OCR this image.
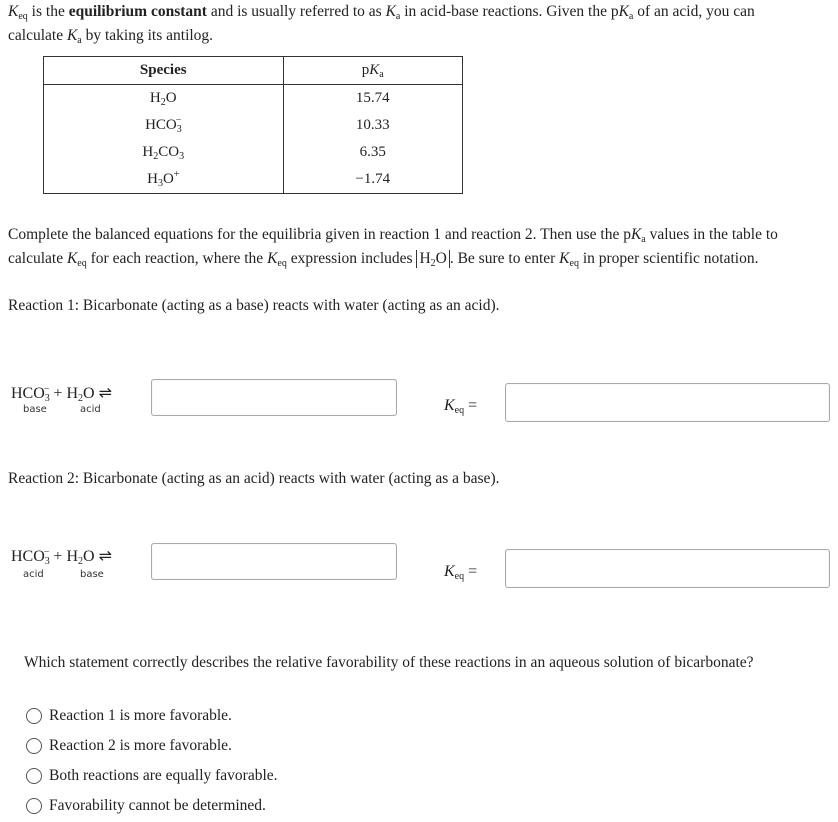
$K_{eq}$ is the equilibrium constant and is usually referred to as $K_a$ in acid-base reactions. Given the $pK_a$ of an acid, you can
calculate $K_a$ by taking its antilog.
Species	$pK_a$
$H_2O$	15.74
$HCO_3^-$	10.33
$H_2CO_3$	6.35
$H_3O^+$	−1.74
Complete the balanced equations for the equilibria given in reaction 1 and reaction 2. Then use the $pK_a$ values in the table to
calculate $K_{eq}$ for each reaction, where the $K_{eq}$ expression includes $H_2O$ . Be sure to enter $K_{eq}$ in proper scientific notation.
Reaction 1: Bicarbonate (acting as a base) reacts with water (acting as an acid).
$HCO_3^- + H_2O$ ⇌
base	acid	$K_{eq}$ =
Reaction 2: Bicarbonate (acting as an acid) reacts with water (acting as a base).
$HCO_3^- + H_2O$ ⇌
acid	base	$K_{eq}$ =
Which statement correctly describes the relative favorability of these reactions in an aqueous solution of bicarbonate?
Reaction 1 is more favorable.
Reaction 2 is more favorable.
Both reactions are equally favorable.
Favorability cannot be determined.
